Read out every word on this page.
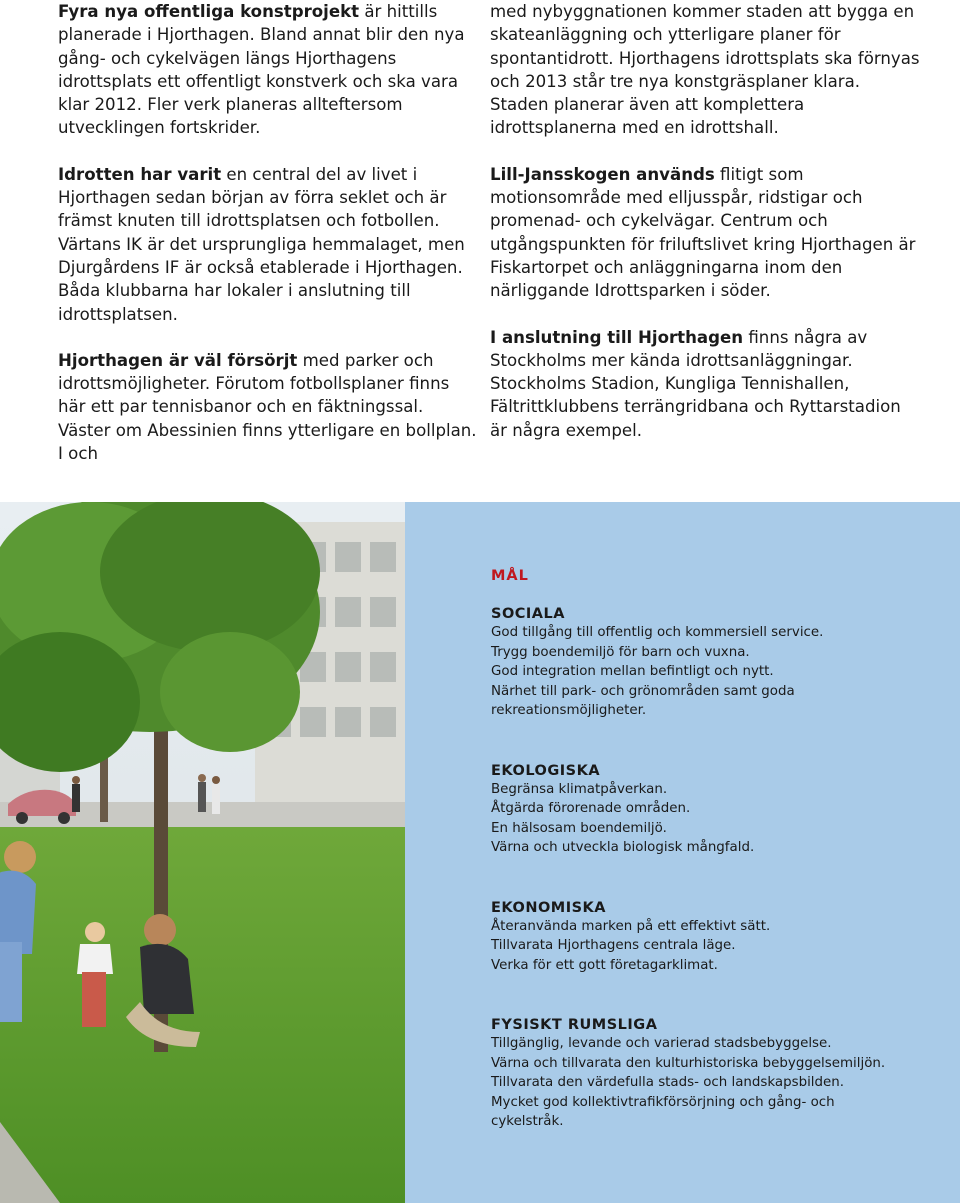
Fyra nya offentliga konstprojekt är hittills planerade i Hjorthagen. Bland annat blir den nya gång- och cykelvägen längs Hjorthagens idrottsplats ett offentligt konstverk och ska vara klar 2012. Fler verk planeras allteftersom utvecklingen fortskrider.

Idrotten har varit en central del av livet i Hjorthagen sedan början av förra seklet och är främst knuten till idrottsplatsen och fotbollen. Värtans IK är det ursprungliga hemmalaget, men Djurgårdens IF är också etablerade i Hjorthagen. Båda klubbarna har lokaler i anslutning till idrottsplatsen.

Hjorthagen är väl försörjt med parker och idrottsmöjligheter. Förutom fotbollsplaner finns här ett par tennisbanor och en fäktningssal. Väster om Abessinien finns ytterligare en bollplan. I och

med nybyggnationen kommer staden att bygga en skateanläggning och ytterligare planer för spontantidrott. Hjorthagens idrottsplats ska förnyas och 2013 står tre nya konstgräsplaner klara. Staden planerar även att komplettera idrottsplanerna med en idrottshall.

Lill-Jansskogen används flitigt som motionsområde med elljusspår, ridstigar och promenad- och cykelvägar. Centrum och utgångspunkten för friluftslivet kring Hjorthagen är Fiskartorpet och anläggningarna inom den närliggande Idrottsparken i söder.

I anslutning till Hjorthagen finns några av Stockholms mer kända idrottsanläggningar. Stockholms Stadion, Kungliga Tennishallen, Fältrittklubbens terrängridbana och Ryttarstadion är några exempel.

MÅL
SOCIALA
God tillgång till offentlig och kommersiell service.
Trygg boendemiljö för barn och vuxna.
God integration mellan befintligt och nytt.
Närhet till park- och grönområden samt goda
rekreationsmöjligheter.
EKOLOGISKA
Begränsa klimatpåverkan.
Åtgärda förorenade områden.
En hälsosam boendemiljö.
Värna och utveckla biologisk mångfald.
EKONOMISKA
Återanvända marken på ett effektivt sätt.
Tillvarata Hjorthagens centrala läge.
Verka för ett gott företagarklimat.
FYSISKT RUMSLIGA
Tillgänglig, levande och varierad stadsbebyggelse.
Värna och tillvarata den kulturhistoriska bebyggelsemiljön.
Tillvarata den värdefulla stads- och landskapsbilden.
Mycket god kollektivtrafikförsörjning och gång- och
cykelstråk.
